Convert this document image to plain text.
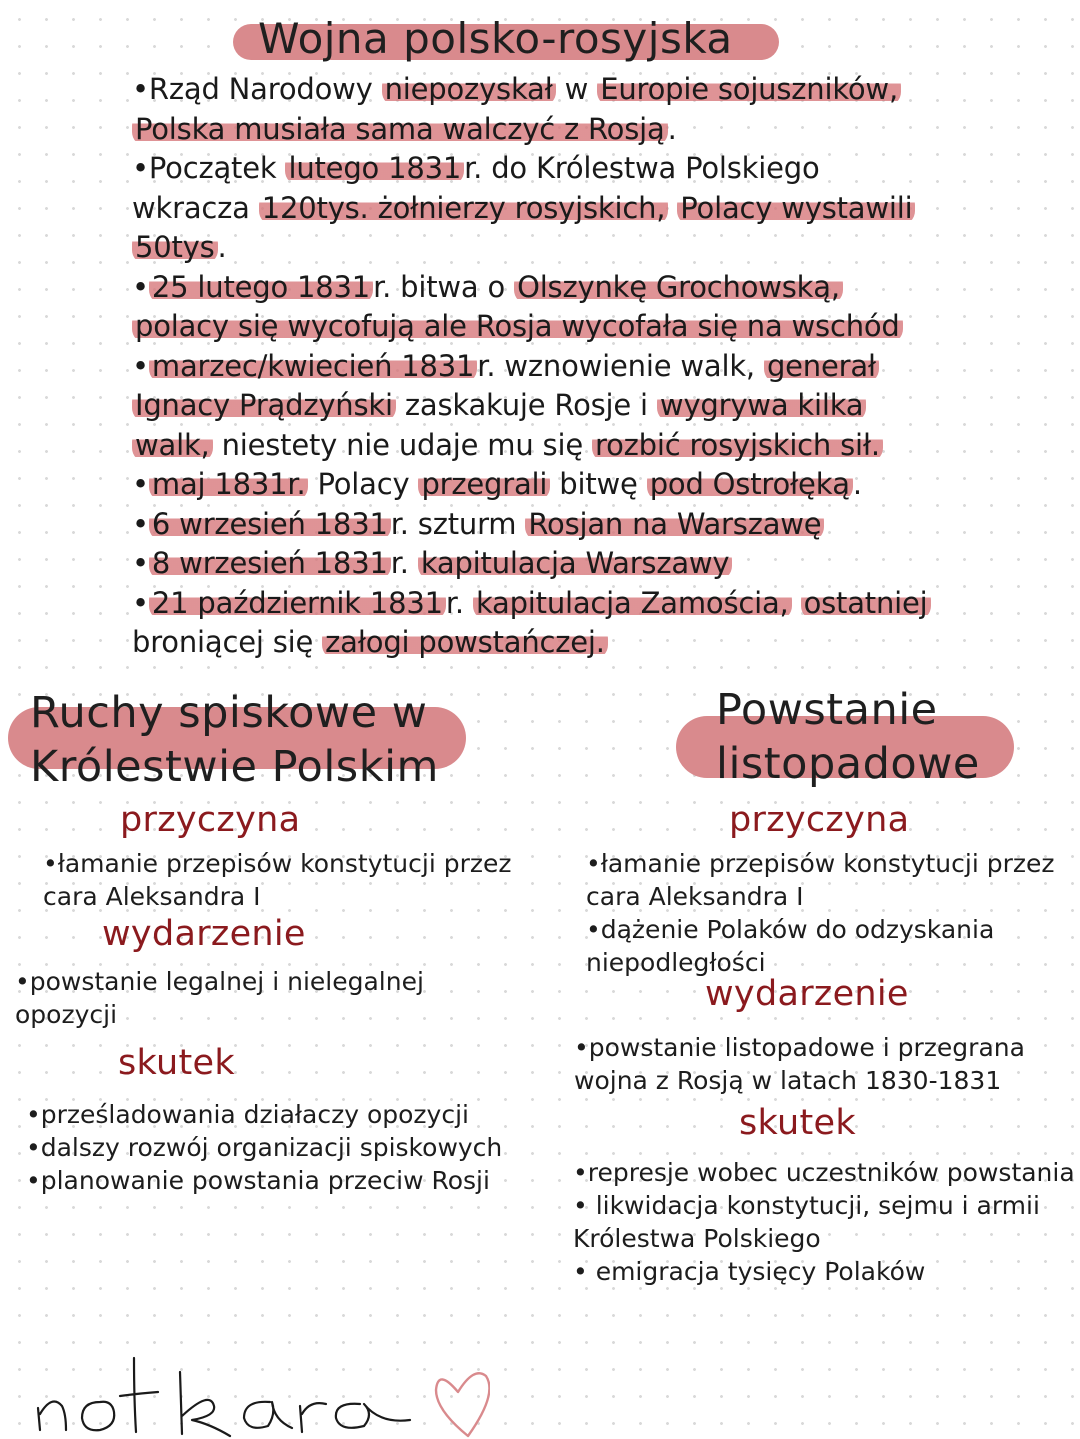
Wojna polsko-rosyjska
•Rząd Narodowy niepozyskał w Europie sojuszników,
Polska musiała sama walczyć z Rosją .
•Początek lutego 1831 r. do Królestwa Polskiego
wkracza 120tys. żołnierzy rosyjskich, Polacy wystawili
50tys .
• 25 lutego 1831 r. bitwa o Olszynkę Grochowską,
polacy się wycofują ale Rosja wycofała się na wschód
• marzec/kwiecień 1831 r. wznowienie walk, generał
Ignacy Prądzyński zaskakuje Rosje i wygrywa kilka
walk, niestety nie udaje mu się rozbić rosyjskich sił.
• maj 1831r. Polacy przegrali bitwę pod Ostrołęką .
• 6 wrzesień 1831 r. szturm Rosjan na Warszawę
• 8 wrzesień 1831 r. kapitulacja Warszawy
• 21 październik 1831 r. kapitulacja Zamościa, ostatniej
broniącej się załogi powstańczej.
Ruchy spiskowe w
Królestwie Polskim
przyczyna
•łamanie przepisów konstytucji przez
cara Aleksandra I
wydarzenie
•powstanie legalnej i nielegalnej
opozycji
skutek
•prześladowania działaczy opozycji
•dalszy rozwój organizacji spiskowych
•planowanie powstania przeciw Rosji
Powstanie
listopadowe
przyczyna
•łamanie przepisów konstytucji przez
cara Aleksandra I
•dążenie Polaków do odzyskania
niepodległości
wydarzenie
•powstanie listopadowe i przegrana
wojna z Rosją w latach 1830-1831
skutek
•represje wobec uczestników powstania
• likwidacja konstytucji, sejmu i armii
Królestwa Polskiego
• emigracja tysięcy Polaków
